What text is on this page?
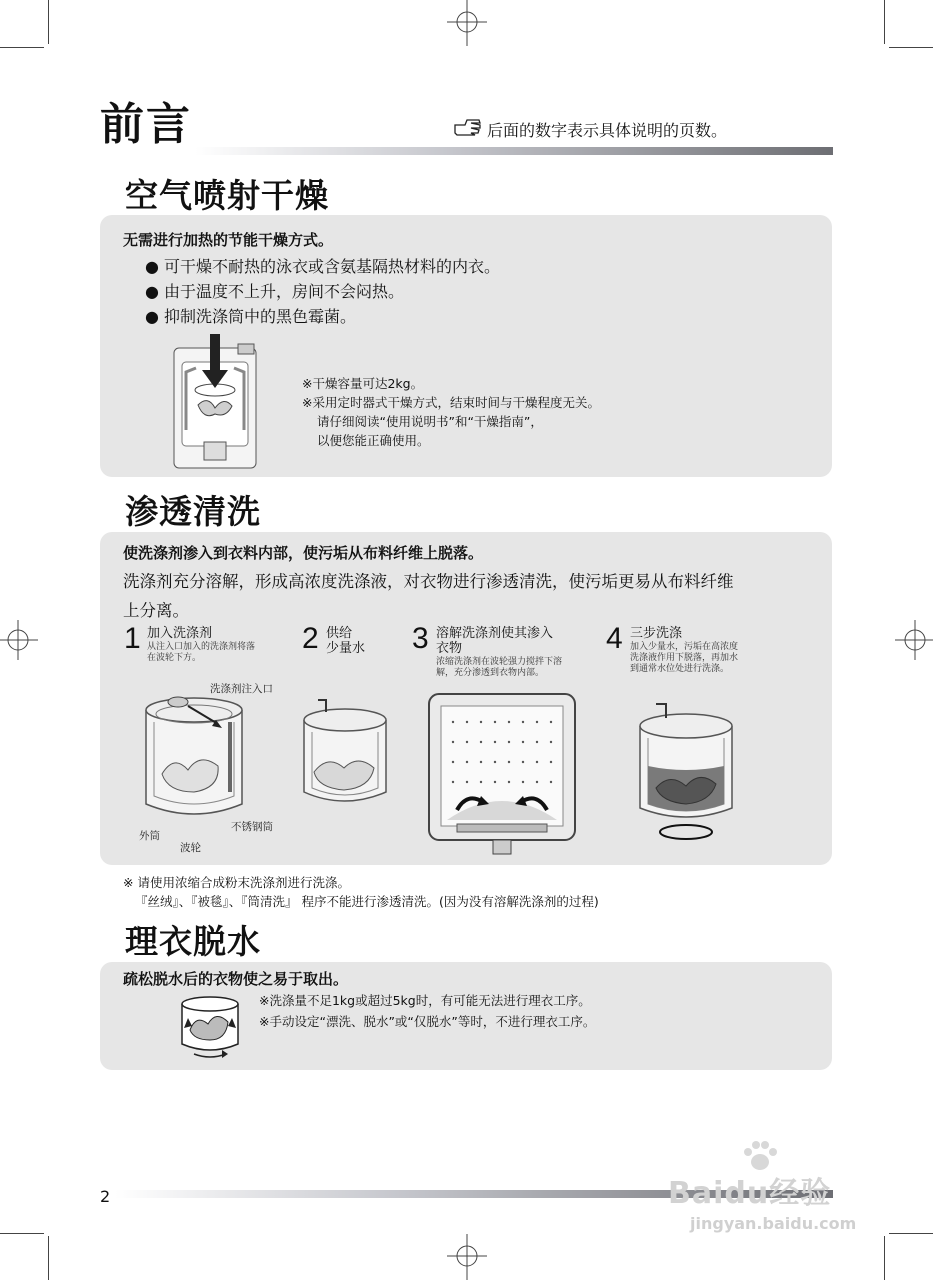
前言	后面的数字表示具体说明的页数。
空气喷射干燥
无需进行加热的节能干燥方式。
● 可干燥不耐热的泳衣或含氨基隔热材料的内衣。
● 由于温度不上升，房间不会闷热。
● 抑制洗涤筒中的黑色霉菌。
※干燥容量可达2kg。
※采用定时器式干燥方式，结束时间与干燥程度无关。
请仔细阅读“使用说明书”和“干燥指南”，
以便您能正确使用。
渗透清洗
使洗涤剂渗入到衣料内部，使污垢从布料纤维上脱落。
洗涤剂充分溶解，形成高浓度洗涤液，对衣物进行渗透清洗，使污垢更易从布料纤维
上分离。
1 加入洗涤剂
从注入口加入的洗涤剂将落
在波轮下方。
2 供给
少量水 3 溶解洗涤剂使其渗入
衣物
浓缩洗涤剂在波轮强力搅拌下溶
解，充分渗透到衣物内部。
4 三步洗涤
加入少量水，污垢在高浓度
洗涤液作用下脱落，再加水
到通常水位处进行洗涤。
洗涤剂注入口
外筒
波轮
不锈钢筒
※ 请使用浓缩合成粉末洗涤剂进行洗涤。
『丝绒』、『被毯』、『筒清洗』 程序不能进行渗透清洗。(因为没有溶解洗涤剂的过程)
理衣脱水
疏松脱水后的衣物使之易于取出。
※洗涤量不足1kg或超过5kg时，有可能无法进行理衣工序。
※手动设定“漂洗、脱水”或“仅脱水”等时，不进行理衣工序。
2	Baidu经验
jingyan.baidu.com
